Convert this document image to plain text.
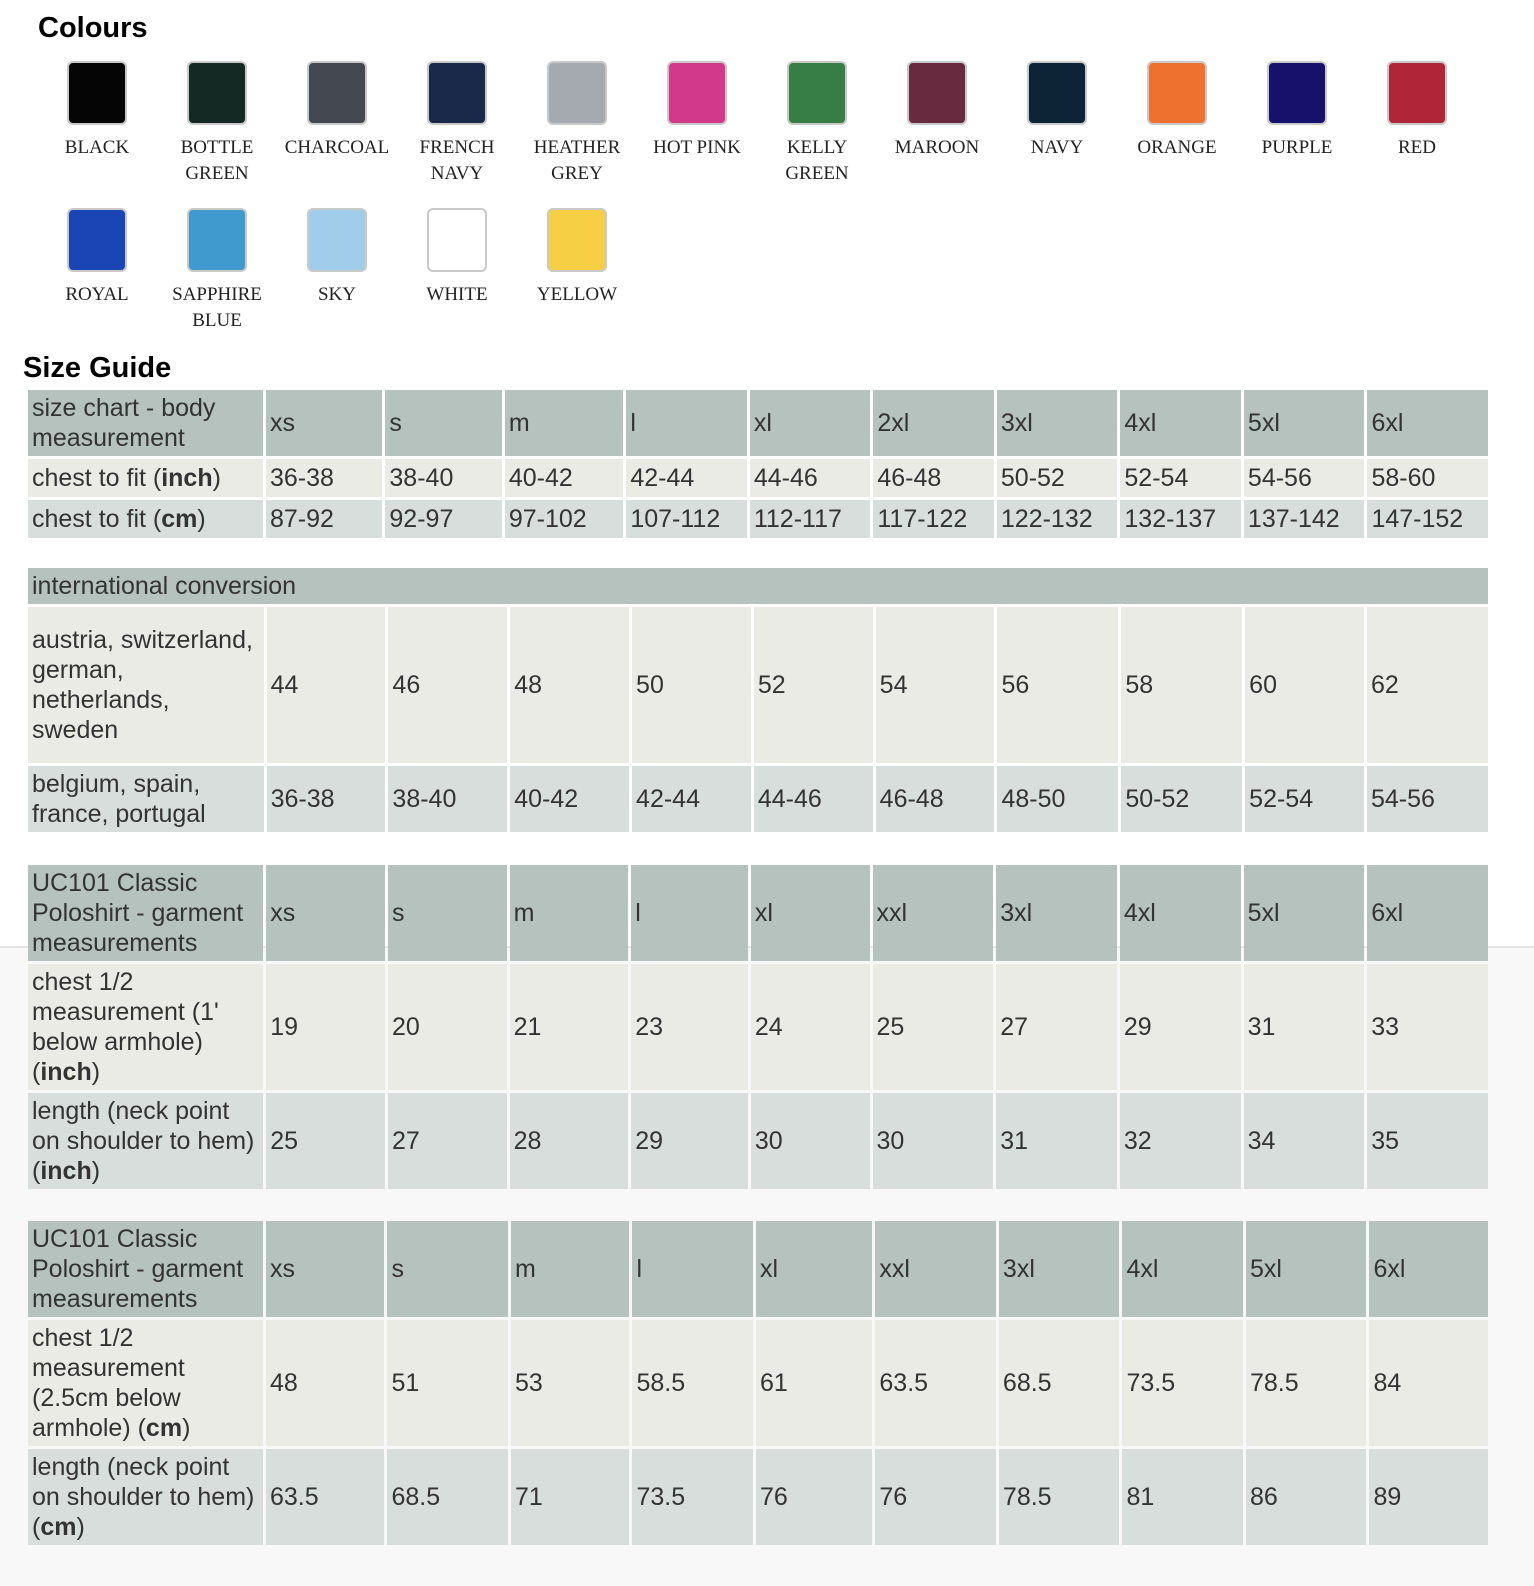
Colours
BLACK	BOTTLE GREEN
CHARCOAL	FRENCH NAVY
HEATHER GREY
HOT PINK	KELLY GREEN
MAROON	NAVY	ORANGE	PURPLE	RED
ROYAL	SAPPHIRE BLUE
SKY	WHITE	YELLOW
Size Guide
size chart - body measurement	xs	s	m	l	xl	2xl	3xl	4xl	5xl	6xl
chest to fit (inch)	36-38	38-40	40-42	42-44	44-46	46-48	50-52	52-54	54-56	58-60
chest to fit (cm)	87-92	92-97	97-102	107-112	112-117	117-122	122-132	132-137	137-142	147-152
international conversion										
austria, switzerland, german, netherlands, sweden	44	46	48	50	52	54	56	58	60	62
belgium, spain, france, portugal	36-38	38-40	40-42	42-44	44-46	46-48	48-50	50-52	52-54	54-56
UC101 Classic Poloshirt - garment measurements	xs	s	m	l	xl	xxl	3xl	4xl	5xl	6xl
chest 1/2 measurement (1' below armhole) (inch)	19	20	21	23	24	25	27	29	31	33
length (neck point on shoulder to hem) (inch)	25	27	28	29	30	30	31	32	34	35
UC101 Classic Poloshirt - garment measurements	xs	s	m	l	xl	xxl	3xl	4xl	5xl	6xl
chest 1/2 measurement (2.5cm below armhole) (cm)	48	51	53	58.5	61	63.5	68.5	73.5	78.5	84
length (neck point on shoulder to hem) (cm)	63.5	68.5	71	73.5	76	76	78.5	81	86	89
